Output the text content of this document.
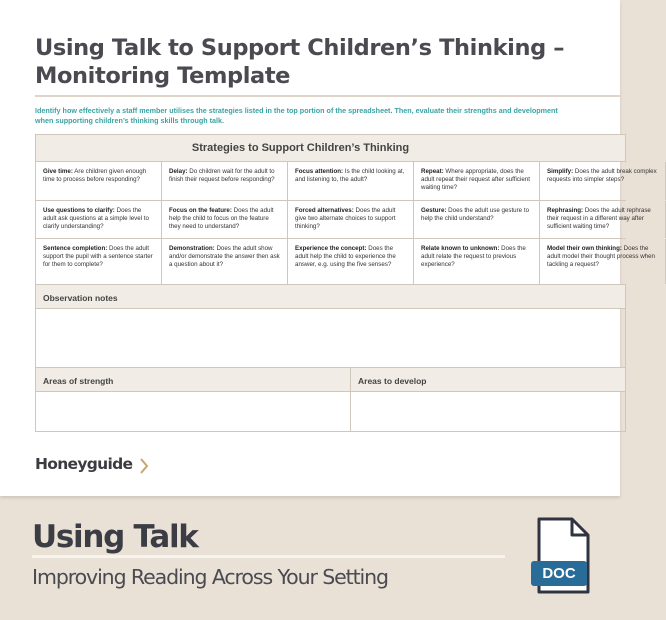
Using Talk to Support Children’s Thinking –
Monitoring Template
Identify how effectively a staff member utilises the strategies listed in the top portion of the spreadsheet. Then, evaluate their strengths and development
when supporting children’s thinking skills through talk.
Strategies to Support Children’s Thinking
Give time: Are children given enough time to process before responding?
Delay: Do children wait for the adult to finish their request before responding?
Focus attention: Is the child looking at, and listening to, the adult?
Repeat: Where appropriate, does the adult repeat their request after sufficient waiting time?
Simplify: Does the adult break complex requests into simpler steps?
Use questions to clarify: Does the adult ask questions at a simple level to clarify understanding?
Focus on the feature: Does the adult help the child to focus on the feature they need to understand?
Forced alternatives: Does the adult give two alternate choices to support thinking?
Gesture: Does the adult use gesture to help the child understand?
Rephrasing: Does the adult rephrase their request in a different way after sufficient waiting time?
Sentence completion: Does the adult support the pupil with a sentence starter for them to complete?
Demonstration: Does the adult show and/or demonstrate the answer then ask a question about it?
Experience the concept: Does the adult help the child to experience the answer, e.g. using the five senses?
Relate known to unknown: Does the adult relate the request to previous experience?
Model their own thinking: Does the adult model their thought process when tackling a request?
Observation notes
Areas of strength	Areas to develop
Honeyguide
Using Talk
Improving Reading Across Your Setting	DOC
